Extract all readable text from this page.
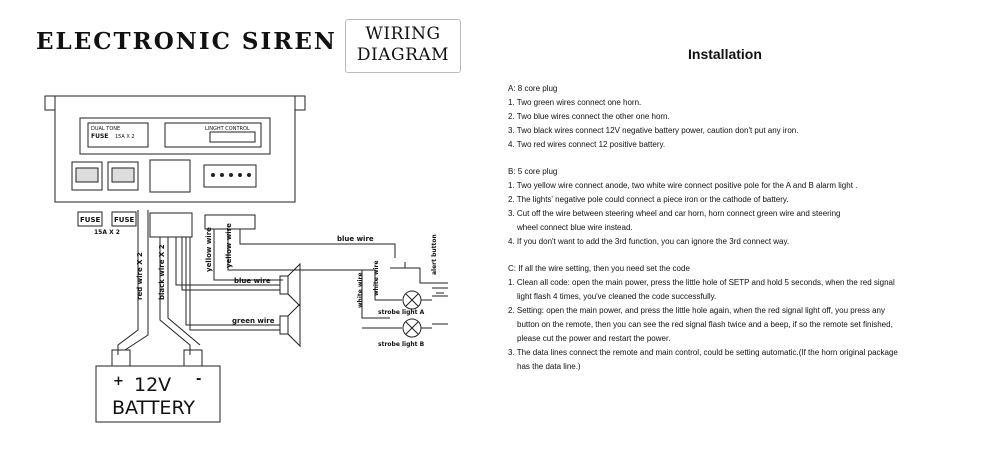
ELECTRONIC SIREN	WIRING
DIAGRAM
DUAL TONE
FUSE 15A X 2
LINGHT CONTROL
FUSE FUSE
15A X 2
red wire X 2 black wire X 2	yellow wire yellow wire	blue wire
blue wire
green wire
white wire white wire
alert button
strobe light A
strobe light B
+	-
12V
BATTERY
Installation
A: 8 core plug
1. Two green wires connect one horn.
2. Two blue wires connect the other one horn.
3. Two black wires connect 12V negative battery power, caution don't put any iron.
4. Two red wires connect 12 positive battery.
B: 5 core plug
1. Two yellow wire connect anode, two white wire connect positive pole for the A and B alarm light .
2. The lights' negative pole could connect a piece iron or the cathode of battery.
3. Cut off the wire between steering wheel and car horn, horn connect green wire and steering
wheel connect blue wire instead.
4. If you don't want to add the 3rd function, you can ignore the 3rd connect way.
C: If all the wire setting, then you need set the code
1. Clean all code: open the main power, press the little hole of SETP and hold 5 seconds, when the red signal
light flash 4 times, you've cleaned the code successfully.
2. Setting: open the main power, and press the little hole again, when the red signal light off, you press any
button on the remote, then you can see the red signal flash twice and a beep, if so the remote set finished,
please cut the power and restart the power.
3. The data lines connect the remote and main control, could be setting automatic.(If the horn original package
has the data line.)
